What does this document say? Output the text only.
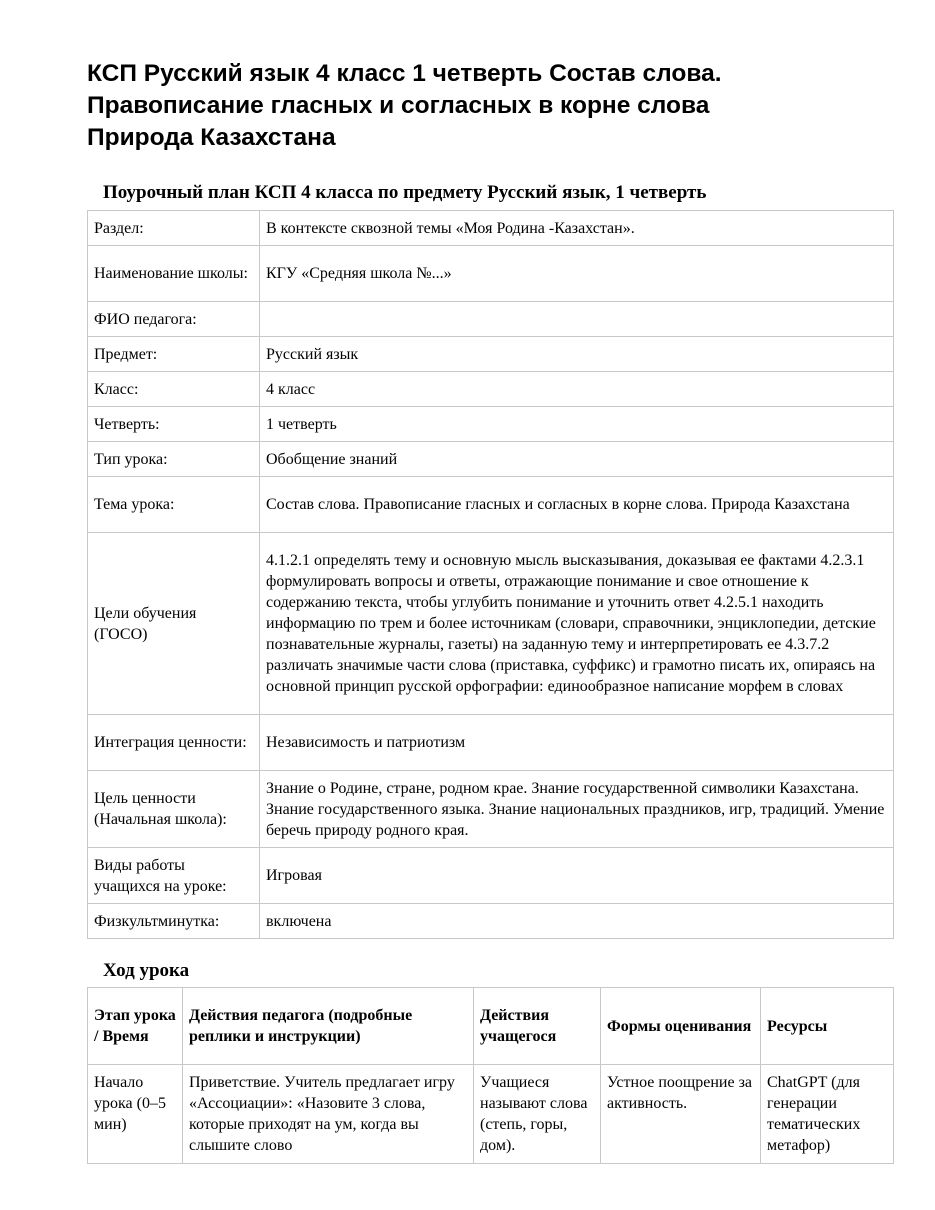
КСП Русский язык 4 класс 1 четверть Состав слова.
Правописание гласных и согласных в корне слова
Природа Казахстана
Поурочный план КСП 4 класса по предмету Русский язык, 1 четверть
Раздел:	В контексте сквозной темы «Моя Родина -Казахстан».
Наименование школы:	КГУ «Средняя школа №...»
ФИО педагога:	
Предмет:	Русский язык
Класс:	4 класс
Четверть:	1 четверть
Тип урока:	Обобщение знаний
Тема урока:	Состав слова. Правописание гласных и согласных в корне слова. Природа Казахстана
Цели обучения (ГОСО)	4.1.2.1 определять тему и основную мысль высказывания, доказывая ее фактами 4.2.3.1 формулировать вопросы и ответы, отражающие понимание и свое отношение к содержанию текста, чтобы углубить понимание и уточнить ответ 4.2.5.1 находить информацию по трем и более источникам (словари, справочники, энциклопедии, детские познавательные журналы, газеты) на заданную тему и интерпретировать ее 4.3.7.2 различать значимые части слова (приставка, суффикс) и грамотно писать их, опираясь на основной принцип русской орфографии: единообразное написание морфем в словах
Интеграция ценности:	Независимость и патриотизм
Цель ценности (Начальная школа):	Знание о Родине, стране, родном крае. Знание государственной символики Казахстана. Знание государственного языка. Знание национальных праздников, игр, традиций. Умение беречь природу родного края.
Виды работы учащихся на уроке:	Игровая
Физкультминутка:	включена
Ход урока
Этап урока / Время	Действия педагога (подробные реплики и инструкции)	Действия учащегося	Формы оценивания	Ресурсы
Начало урока (0–5 мин)	Приветствие. Учитель предлагает игру «Ассоциации»: «Назовите 3 слова, которые приходят на ум, когда вы слышите слово	Учащиеся называют слова (степь, горы, дом).	Устное поощрение за активность.	ChatGPT (для генерации тематических метафор)
